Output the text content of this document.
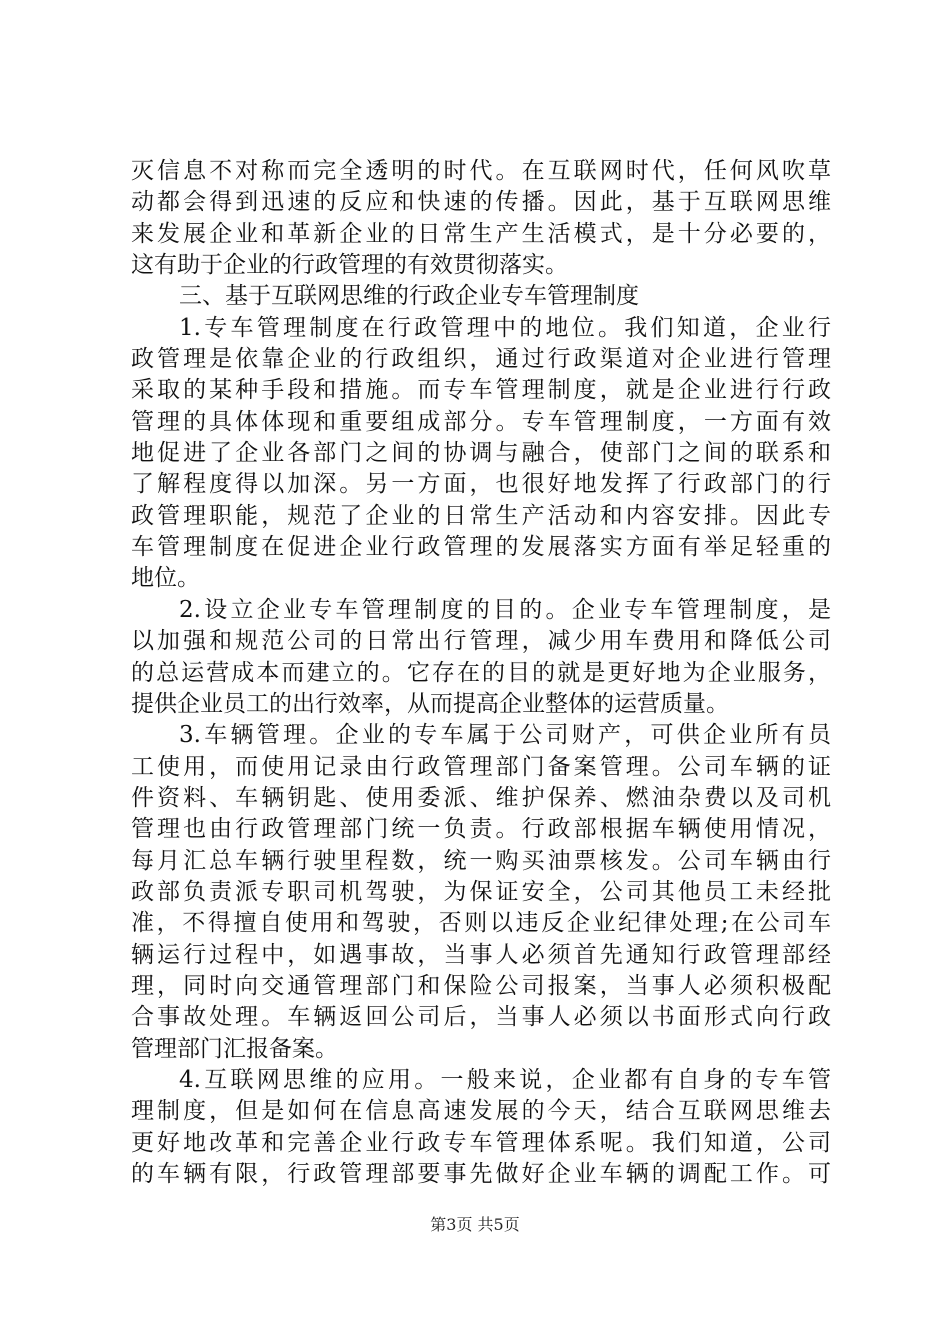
灭信息不对称而完全透明的时代。在互联网时代，任何风吹草
动都会得到迅速的反应和快速的传播。因此，基于互联网思维
来发展企业和革新企业的日常生产生活模式，是十分必要的，
这有助于企业的行政管理的有效贯彻落实。
三、基于互联网思维的行政企业专车管理制度
1.专车管理制度在行政管理中的地位。我们知道，企业行
政管理是依靠企业的行政组织，通过行政渠道对企业进行管理
采取的某种手段和措施。而专车管理制度，就是企业进行行政
管理的具体体现和重要组成部分。专车管理制度，一方面有效
地促进了企业各部门之间的协调与融合，使部门之间的联系和
了解程度得以加深。另一方面，也很好地发挥了行政部门的行
政管理职能，规范了企业的日常生产活动和内容安排。因此专
车管理制度在促进企业行政管理的发展落实方面有举足轻重的
地位。
2.设立企业专车管理制度的目的。企业专车管理制度，是
以加强和规范公司的日常出行管理，减少用车费用和降低公司
的总运营成本而建立的。它存在的目的就是更好地为企业服务，
提供企业员工的出行效率，从而提高企业整体的运营质量。
3.车辆管理。企业的专车属于公司财产，可供企业所有员
工使用，而使用记录由行政管理部门备案管理。公司车辆的证
件资料、车辆钥匙、使用委派、维护保养、燃油杂费以及司机
管理也由行政管理部门统一负责。行政部根据车辆使用情况，
每月汇总车辆行驶里程数，统一购买油票核发。公司车辆由行
政部负责派专职司机驾驶，为保证安全，公司其他员工未经批
准，不得擅自使用和驾驶，否则以违反企业纪律处理;在公司车
辆运行过程中，如遇事故，当事人必须首先通知行政管理部经
理，同时向交通管理部门和保险公司报案，当事人必须积极配
合事故处理。车辆返回公司后，当事人必须以书面形式向行政
管理部门汇报备案。
4.互联网思维的应用。一般来说，企业都有自身的专车管
理制度，但是如何在信息高速发展的今天，结合互联网思维去
更好地改革和完善企业行政专车管理体系呢。我们知道，公司
的车辆有限，行政管理部要事先做好企业车辆的调配工作。可
第3页 共5页
